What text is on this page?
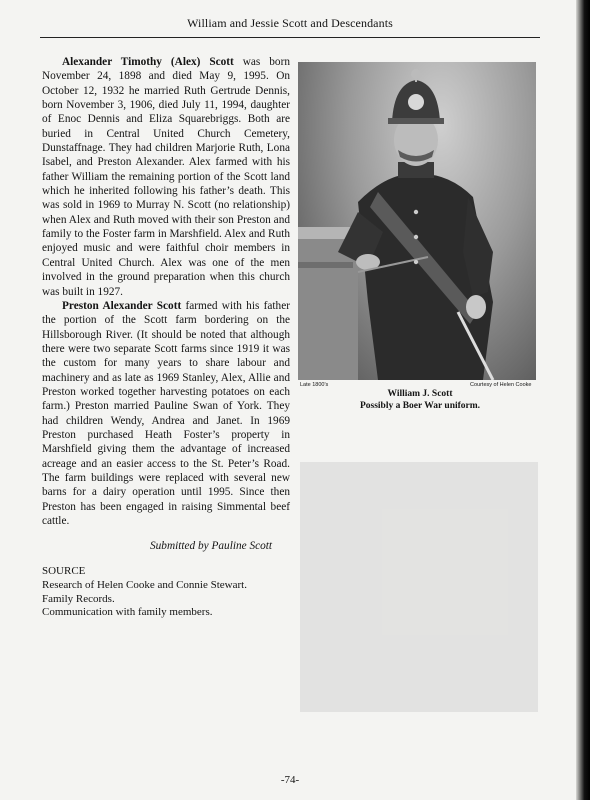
William and Jessie Scott and Descendants

Alexander Timothy (Alex) Scott was born November 24, 1898 and died May 9, 1995. On October 12, 1932 he married Ruth Gertrude Dennis, born November 3, 1906, died July 11, 1994, daughter of Enoc Dennis and Eliza Squarebriggs. Both are buried in Central United Church Cemetery, Dunstaffnage. They had children Marjorie Ruth, Lona Isabel, and Preston Alexander. Alex farmed with his father William the remaining portion of the Scott land which he inherited following his father’s death. This was sold in 1969 to Murray N. Scott (no relationship) when Alex and Ruth moved with their son Preston and family to the Foster farm in Marshfield. Alex and Ruth enjoyed music and were faithful choir members in Central United Church. Alex was one of the men involved in the ground preparation when this church was built in 1927.

Preston Alexander Scott farmed with his father the portion of the Scott farm bordering on the Hillsborough River. (It should be noted that although there were two separate Scott farms since 1919 it was the custom for many years to share labour and machinery and as late as 1969 Stanley, Alex, Allie and Preston worked together harvesting potatoes on each farm.) Preston married Pauline Swan of York. They had children Wendy, Andrea and Janet. In 1969 Preston purchased Heath Foster’s property in Marshfield giving them the advantage of increased acreage and an easier access to the St. Peter’s Road. The farm buildings were replaced with several new barns for a dairy operation until 1995. Since then Preston has been engaged in raising Simmental beef cattle.

Submitted by Pauline Scott
SOURCE
Research of Helen Cooke and Connie Stewart.
Family Records.
Communication with family members.
Late 1800's	Courtesy of Helen Cooke
William J. Scott
Possibly a Boer War uniform.
-74-
